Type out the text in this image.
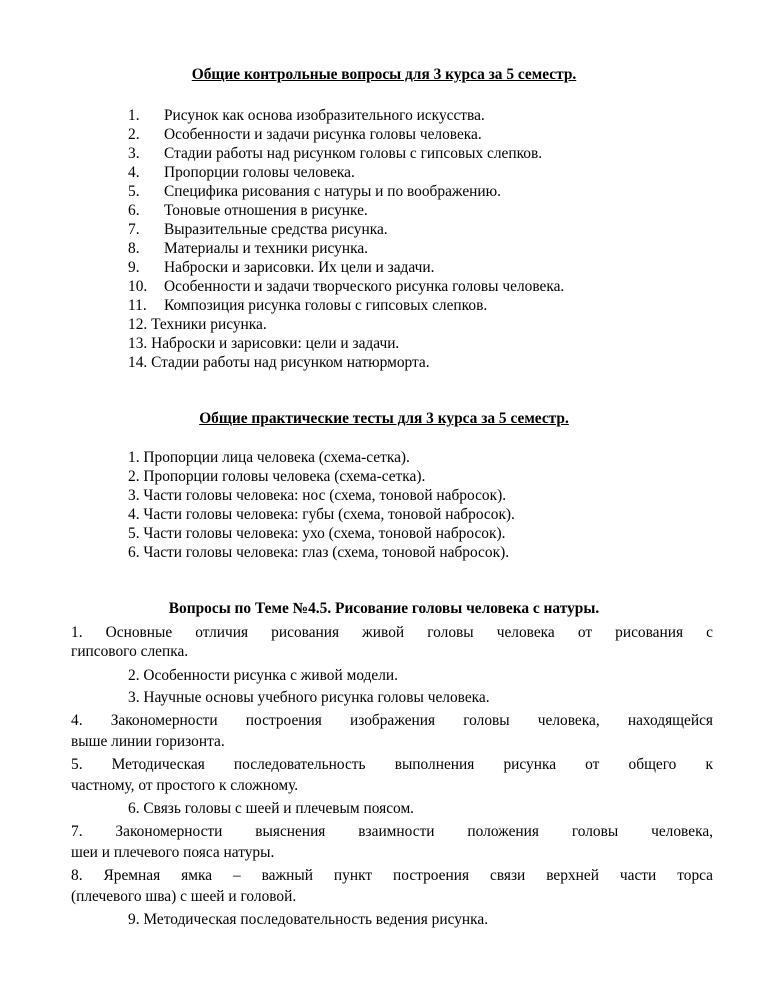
Общие контрольные вопросы для 3 курса за 5 семестр.
1. Рисунок как основа изобразительного искусства.
2. Особенности и задачи рисунка головы человека.
3. Стадии работы над рисунком головы с гипсовых слепков.
4. Пропорции головы человека.
5. Специфика рисования с натуры и по воображению.
6. Тоновые отношения в рисунке.
7. Выразительные средства рисунка.
8. Материалы и техники рисунка.
9. Наброски и зарисовки. Их цели и задачи.
10. Особенности и задачи творческого рисунка головы человека.
11. Композиция рисунка головы с гипсовых слепков.
12. Техники рисунка.
13. Наброски и зарисовки: цели и задачи.
14. Стадии работы над рисунком натюрморта.
Общие практические тесты для 3 курса за 5 семестр.
1. Пропорции лица человека (схема-сетка).
2. Пропорции головы человека (схема-сетка).
3. Части головы человека: нос (схема, тоновой набросок).
4. Части головы человека: губы (схема, тоновой набросок).
5. Части головы человека: ухо (схема, тоновой набросок).
6. Части головы человека: глаз (схема, тоновой набросок).
Вопросы по Теме №4.5. Рисование головы человека с натуры.
1. Основные отличия рисования живой головы человека от рисования с
гипсового слепка.
2. Особенности рисунка с живой модели.
3. Научные основы учебного рисунка головы человека.
4. Закономерности построения изображения головы человека, находящейся
выше линии горизонта.
5. Методическая последовательность выполнения рисунка от общего к
частному, от простого к сложному.
6. Связь головы с шеей и плечевым поясом.
7. Закономерности выяснения взаимности положения головы человека,
шеи и плечевого пояса натуры.
8. Яремная ямка – важный пункт построения связи верхней части торса
(плечевого шва) с шеей и головой.
9. Методическая последовательность ведения рисунка.
